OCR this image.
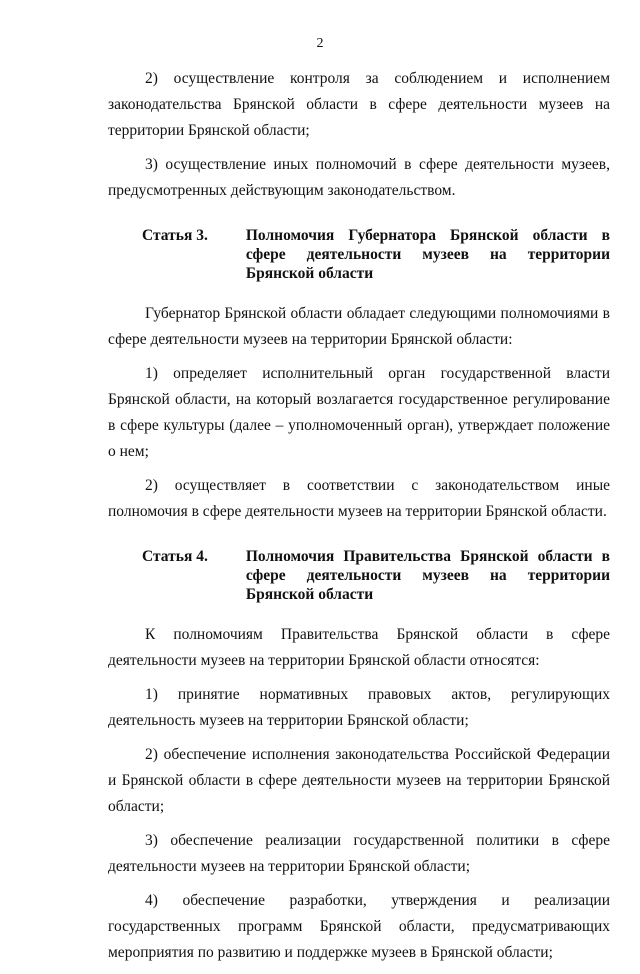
2

2) осуществление контроля за соблюдением и исполнением законодательства Брянской области в сфере деятельности музеев на территории Брянской области;

3) осуществление иных полномочий в сфере деятельности музеев, предусмотренных действующим законодательством.

Статья 3. Полномочия Губернатора Брянской области в сфере деятельности музеев на территории Брянской области

Губернатор Брянской области обладает следующими полномочиями в сфере деятельности музеев на территории Брянской области:

1) определяет исполнительный орган государственной власти Брянской области, на который возлагается государственное регулирование в сфере культуры (далее – уполномоченный орган), утверждает положение о нем;

2) осуществляет в соответствии с законодательством иные полномочия в сфере деятельности музеев на территории Брянской области.

Статья 4. Полномочия Правительства Брянской области в сфере деятельности музеев на территории Брянской области

К полномочиям Правительства Брянской области в сфере деятельности музеев на территории Брянской области относятся:

1) принятие нормативных правовых актов, регулирующих деятельность музеев на территории Брянской области;

2) обеспечение исполнения законодательства Российской Федерации и Брянской области в сфере деятельности музеев на территории Брянской области;

3) обеспечение реализации государственной политики в сфере деятельности музеев на территории Брянской области;

4) обеспечение разработки, утверждения и реализации государственных программ Брянской области, предусматривающих мероприятия по развитию и поддержке музеев в Брянской области;
